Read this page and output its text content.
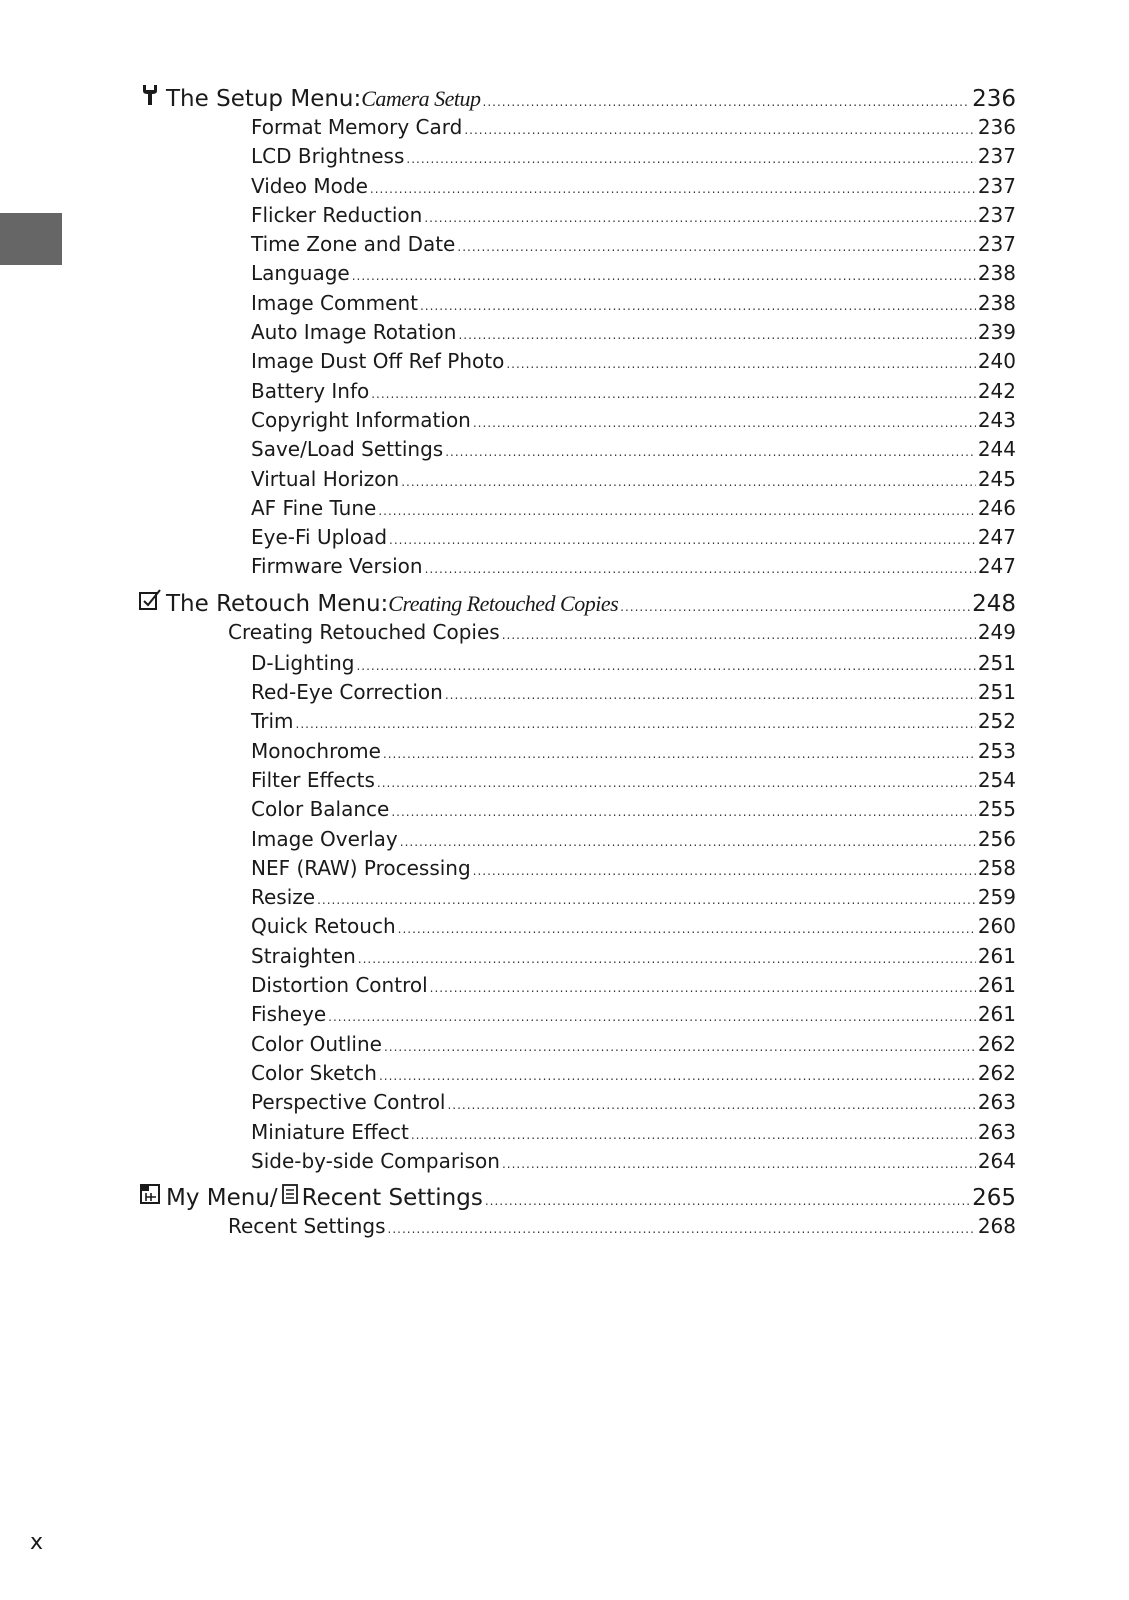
The Setup Menu: Camera Setup .....	236
Format Memory Card .....	236
LCD Brightness .....	237
Video Mode .....	237
Flicker Reduction .....	237
Time Zone and Date .....	237
Language .....	238
Image Comment .....	238
Auto Image Rotation .....	239
Image Dust Off Ref Photo .....	240
Battery Info .....	242
Copyright Information .....	243
Save/Load Settings .....	244
Virtual Horizon .....	245
AF Fine Tune .....	246
Eye-Fi Upload .....	247
Firmware Version .....	247
The Retouch Menu: Creating Retouched Copies .....	248
Creating Retouched Copies .....	249
D-Lighting .....	251
Red-Eye Correction .....	251
Trim .....	252
Monochrome .....	253
Filter Effects .....	254
Color Balance .....	255
Image Overlay .....	256
NEF (RAW) Processing .....	258
Resize .....	259
Quick Retouch .....	260
Straighten .....	261
Distortion Control .....	261
Fisheye .....	261
Color Outline .....	262
Color Sketch .....	262
Perspective Control .....	263
Miniature Effect .....	263
Side-by-side Comparison .....	264
My Menu/ Recent Settings .....	265
Recent Settings .....	268
x
